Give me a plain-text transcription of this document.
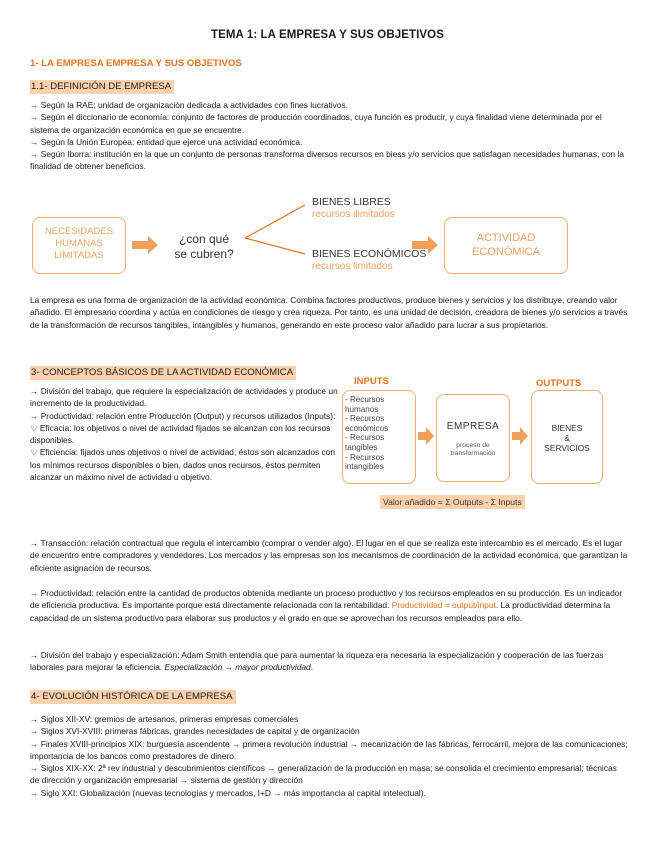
TEMA 1: LA EMPRESA Y SUS OBJETIVOS
1- LA EMPRESA EMPRESA Y SUS OBJETIVOS
1.1- DEFINICIÓN DE EMPRESA

→ Según la RAE: unidad de organización dedicada a actividades con fines lucrativos.

→ Según el diccionario de economía: conjunto de factores de producción coordinados, cuya función es producir, y cuya finalidad viene determinada por el sistema de organización económica en que se encuentre.

→ Según la Unión Europea: entidad que ejerce una actividad económica.

→ Según Iborra: institución en la que un conjunto de personas transforma diversos recursos en biess y/o servicios que satisfagan necesidades humanas, con la finalidad de obtener beneficios.

NECESIDADES
HUMANAS
LIMITADAS
¿con qué
se cubren?
BIENES LIBRES
recursos ilimitados
BIENES ECONÓMICOS
recursos limitados
ACTIVIDAD
ECONÓMICA
La empresa es una forma de organización de la actividad económica. Combina factores productivos, produce bienes y servicios y los distribuye, creando valor añadido. El empresario coordina y actúa en condiciones de riesgo y crea riqueza. Por tanto, es una unidad de decisión, creadora de bienes y/o servicios a través de la transformación de recursos tangibles, intangibles y humanos, generando en este proceso valor añadido para lucrar a sus propietarios.
3- CONCEPTOS BÁSICOS DE LA ACTIVIDAD ECONÓMICA

→ División del trabajo, que requiere la especialización de actividades y produce un incremento de la productividad.

→ Productividad: relación entre Producción (Output) y recursos utilizados (Inputs):

♡ Eficacia: los objetivos o nivel de actividad fijados se alcanzan con los recursos disponibles.

♡ Eficiencia: fijados unos objetivos o nivel de actividad, éstos son alcanzados con los mínimos recursos disponibles o bien, dados unos recursos, éstos permiten alcanzar un máximo nivel de actividad u objetivo.

INPUTS	OUTPUTS
- Recursos
humanos
- Recursos
económicos
- Recursos
tangibles
- Recursos
intangibles
EMPRESA
proceso de
transformación
BIENES
&
SERVICIOS
Valor añadido = Σ Outputs - Σ Inputs
→ Transacción: relación contractual que regula el intercambio (comprar o vender algo). El lugar en el que se realiza este intercambio es el mercado. Es el lugar de encuentro entre compradores y vendedores. Los mercados y las empresas son los mecanismos de coordinación de la actividad económica, que garantizan la eficiente asignación de recursos.
→ Productividad: relación entre la cantidad de productos obtenida mediante un proceso productivo y los recursos empleados en su producción. Es un indicador de eficiencia productiva. Es importante porque está directamente relacionada con la rentabilidad. Productividad = output/input. La productividad determina la capacidad de un sistema productivo para elaborar sus productos y el grado en que se aprovechan los recursos empleados para ello.
→ División del trabajo y especialización: Adam Smith entendía que para aumentar la riqueza era necesaria la especialización y cooperación de las fuerzas laborales para mejorar la eficiencia. Especialización → mayor productividad.
4- EVOLUCIÓN HISTÓRICA DE LA EMPRESA

→ Siglos XII-XV: gremios de artesanos, primeras empresas comerciales

→ Siglos XVI-XVIII: primeras fábricas, grandes necesidades de capital y de organización

→ Finales XVIII-principios XIX: burguesía ascendente → primera revolución industrial → mecanización de las fábricas, ferrocarril, mejora de las comunicaciones; importancia de los bancos como prestadores de dinero.

→ Siglos XIX-XX: 2ª rev industrial y descubrimientos científicos → generalización de la producción en masa; se consolida el crecimiento empresarial; técnicas de dirección y organización empresarial → sistema de gestión y dirección

→ Siglo XXI: Globalización (nuevas tecnologías y mercados, I+D → más importancia al capital intelectual).
